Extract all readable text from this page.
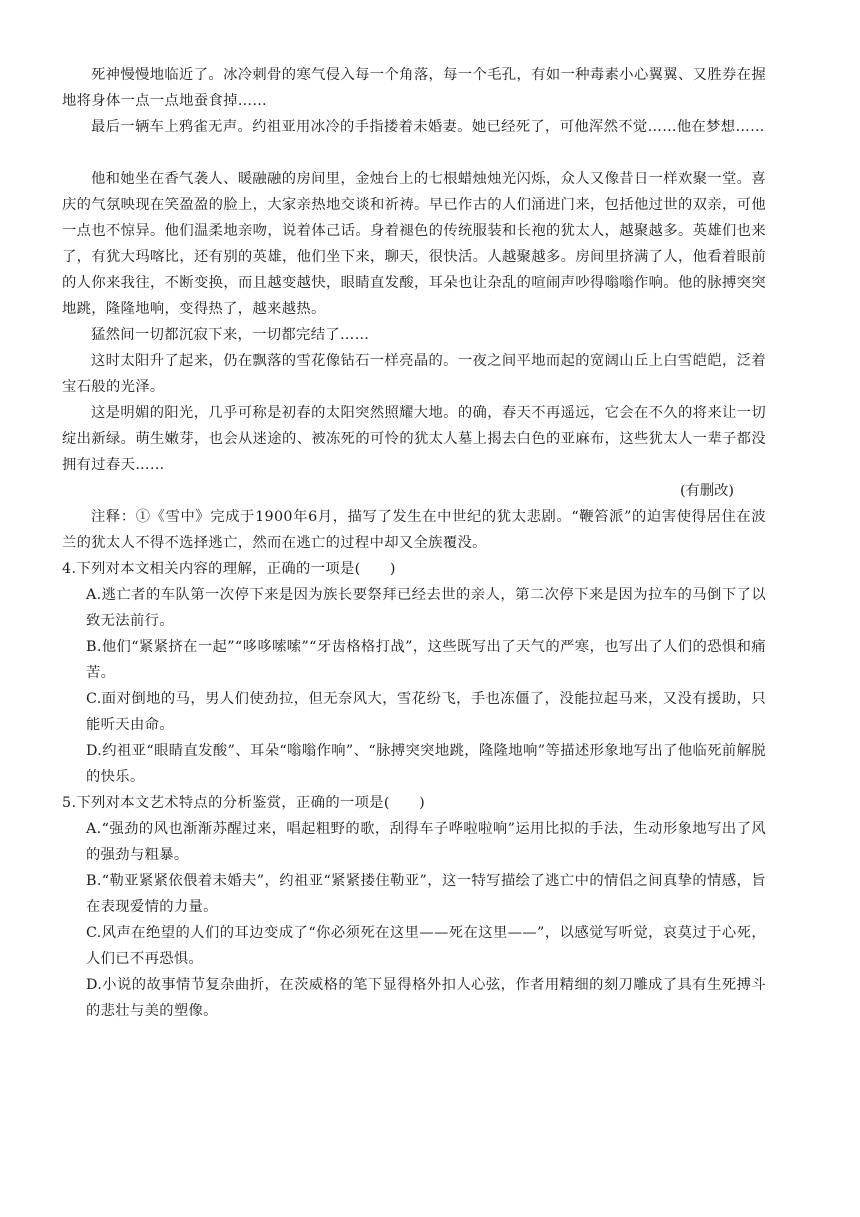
死神慢慢地临近了。冰冷刺骨的寒气侵入每一个角落，每一个毛孔，有如一种毒素小心翼翼、又胜券在握地将身体一点一点地蚕食掉……

最后一辆车上鸦雀无声。约祖亚用冰冷的手指搂着未婚妻。她已经死了，可他浑然不觉……他在梦想……

他和她坐在香气袭人、暖融融的房间里，金烛台上的七根蜡烛烛光闪烁，众人又像昔日一样欢聚一堂。喜庆的气氛映现在笑盈盈的脸上，大家亲热地交谈和祈祷。早已作古的人们涌进门来，包括他过世的双亲，可他一点也不惊异。他们温柔地亲吻，说着体己话。身着褪色的传统服装和长袍的犹太人，越聚越多。英雄们也来了，有犹大玛喀比，还有别的英雄，他们坐下来，聊天，很快活。人越聚越多。房间里挤满了人，他看着眼前的人你来我往，不断变换，而且越变越快，眼睛直发酸，耳朵也让杂乱的喧闹声吵得嗡嗡作响。他的脉搏突突地跳，隆隆地响，变得热了，越来越热。

猛然间一切都沉寂下来，一切都完结了……

这时太阳升了起来，仍在飘落的雪花像钻石一样亮晶的。一夜之间平地而起的宽阔山丘上白雪皑皑，泛着宝石般的光泽。

这是明媚的阳光，几乎可称是初春的太阳突然照耀大地。的确，春天不再遥远，它会在不久的将来让一切绽出新绿。萌生嫩芽，也会从迷途的、被冻死的可怜的犹太人墓上揭去白色的亚麻布，这些犹太人一辈子都没拥有过春天……

(有删改)

注释：①《雪中》完成于1900年6月，描写了发生在中世纪的犹太悲剧。“鞭笞派”的迫害使得居住在波兰的犹太人不得不选择逃亡，然而在逃亡的过程中却又全族覆没。

4.下列对本文相关内容的理解，正确的一项是(　　)

A.逃亡者的车队第一次停下来是因为族长要祭拜已经去世的亲人，第二次停下来是因为拉车的马倒下了以致无法前行。

B.他们“紧紧挤在一起”“哆哆嗦嗦”“牙齿格格打战”，这些既写出了天气的严寒，也写出了人们的恐惧和痛苦。

C.面对倒地的马，男人们使劲拉，但无奈风大，雪花纷飞，手也冻僵了，没能拉起马来，又没有援助，只能听天由命。

D.约祖亚“眼睛直发酸”、耳朵“嗡嗡作响”、“脉搏突突地跳，隆隆地响”等描述形象地写出了他临死前解脱的快乐。

5.下列对本文艺术特点的分析鉴赏，正确的一项是(　　)

A.“强劲的风也渐渐苏醒过来，唱起粗野的歌，刮得车子哗啦啦响”运用比拟的手法，生动形象地写出了风的强劲与粗暴。

B.“勒亚紧紧依偎着未婚夫”，约祖亚“紧紧搂住勒亚”，这一特写描绘了逃亡中的情侣之间真挚的情感，旨在表现爱情的力量。

C.风声在绝望的人们的耳边变成了“你必须死在这里——死在这里——”，以感觉写听觉，哀莫过于心死，人们已不再恐惧。

D.小说的故事情节复杂曲折，在茨威格的笔下显得格外扣人心弦，作者用精细的刻刀雕成了具有生死搏斗的悲壮与美的塑像。
